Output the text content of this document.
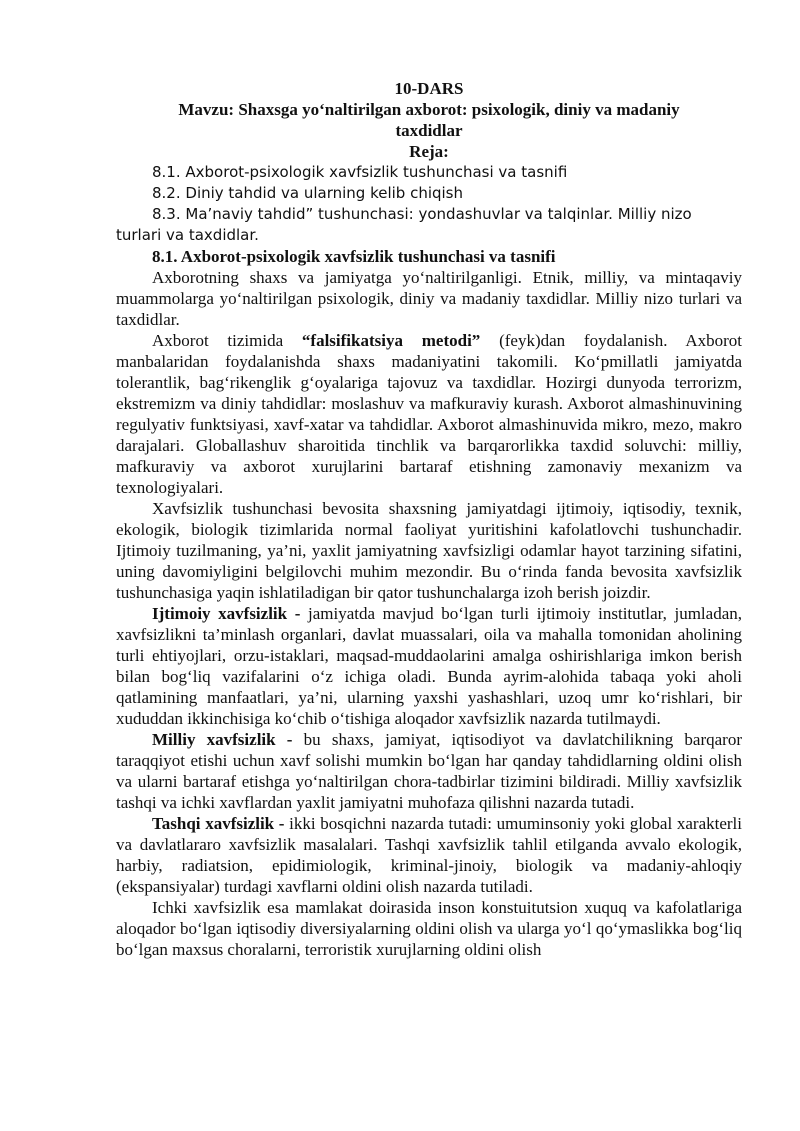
10-DARS
Mavzu: Shaxsga yo‘naltirilgan axborot: psixologik, diniy va madaniy
taxdidlar
Reja:
8.1. Axborot-psixologik xavfsizlik tushunchasi va tasnifi
8.2. Diniy tahdid va ularning kelib chiqish
8.3. Ma’naviy tahdid” tushunchasi: yondashuvlar va talqinlar. Milliy nizo
turlari va taxdidlar.
8.1. Axborot-psixologik xavfsizlik tushunchasi va tasnifi

Axborotning shaxs va jamiyatga yo‘naltirilganligi. Etnik, milliy, va mintaqaviy muammolarga yo‘naltirilgan psixologik, diniy va madaniy taxdidlar. Milliy nizo turlari va taxdidlar.

Axborot tizimida “falsifikatsiya metodi” (feyk)dan foydalanish. Axborot manbalaridan foydalanishda shaxs madaniyatini takomili. Ko‘pmillatli jamiyatda tolerantlik, bag‘rikenglik g‘oyalariga tajovuz va taxdidlar. Hozirgi dunyoda terrorizm, ekstremizm va diniy tahdidlar: moslashuv va mafkuraviy kurash. Axborot almashinuvining regulyativ funktsiyasi, xavf-xatar va tahdidlar. Axborot almashinuvida mikro, mezo, makro darajalari. Globallashuv sharoitida tinchlik va barqarorlikka taxdid soluvchi: milliy, mafkuraviy va axborot xurujlarini bartaraf etishning zamonaviy mexanizm va texnologiyalari.

Xavfsizlik tushunchasi bevosita shaxsning jamiyatdagi ijtimoiy, iqtisodiy, texnik, ekologik, biologik tizimlarida normal faoliyat yuritishini kafolatlovchi tushunchadir. Ijtimoiy tuzilmaning, ya’ni, yaxlit jamiyatning xavfsizligi odamlar hayot tarzining sifatini, uning davomiyligini belgilovchi muhim mezondir. Bu o‘rinda fanda bevosita xavfsizlik tushunchasiga yaqin ishlatiladigan bir qator tushunchalarga izoh berish joizdir.

Ijtimoiy xavfsizlik - jamiyatda mavjud bo‘lgan turli ijtimoiy institutlar, jumladan, xavfsizlikni ta’minlash organlari, davlat muassalari, oila va mahalla tomonidan aholining turli ehtiyojlari, orzu-istaklari, maqsad-muddaolarini amalga oshirishlariga imkon berish bilan bog‘liq vazifalarini o‘z ichiga oladi. Bunda ayrim-alohida tabaqa yoki aholi qatlamining manfaatlari, ya’ni, ularning yaxshi yashashlari, uzoq umr ko‘rishlari, bir xududdan ikkinchisiga ko‘chib o‘tishiga aloqador xavfsizlik nazarda tutilmaydi.

Milliy xavfsizlik - bu shaxs, jamiyat, iqtisodiyot va davlatchilikning barqaror taraqqiyot etishi uchun xavf solishi mumkin bo‘lgan har qanday tahdidlarning oldini olish va ularni bartaraf etishga yo‘naltirilgan chora-tadbirlar tizimini bildiradi. Milliy xavfsizlik tashqi va ichki xavflardan yaxlit jamiyatni muhofaza qilishni nazarda tutadi.

Tashqi xavfsizlik - ikki bosqichni nazarda tutadi: umuminsoniy yoki global xarakterli va davlatlararo xavfsizlik masalalari. Tashqi xavfsizlik tahlil etilganda avvalo ekologik, harbiy, radiatsion, epidimiologik, kriminal-jinoiy, biologik va madaniy-ahloqiy (ekspansiyalar) turdagi xavflarni oldini olish nazarda tutiladi.

Ichki xavfsizlik esa mamlakat doirasida inson konstuitutsion xuquq va kafolatlariga aloqador bo‘lgan iqtisodiy diversiyalarning oldini olish va ularga yo‘l qo‘ymaslikka bog‘liq bo‘lgan maxsus choralarni, terroristik xurujlarning oldini olish
